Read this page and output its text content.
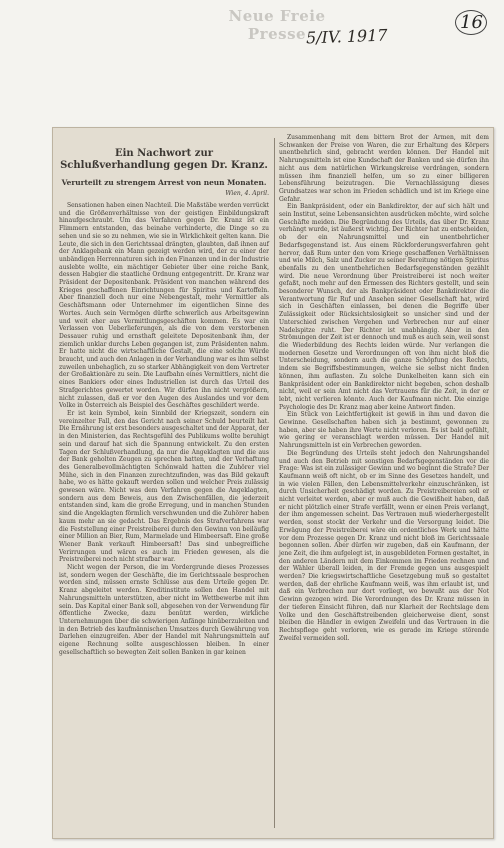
Neue Freie Presse 5/IV. 1917
16

Ein Nachwort zur Schlußverhandlung gegen Dr. Kranz.

Verurteilt zu strengem Arrest von neun Monaten.

Wien, 4. April.

Sensationen haben einen Nachteil. Die Maßstäbe werden verrückt und die Größenverhältnisse von der geistigen Einbildungskraft hinaufgeschraubt. Um das Verfahren gegen Dr. Kranz ist ein Flimmern entstanden, das beinahe verhinderte, die Dinge so zu sehen und sie so zu nehmen, wie sie in Wirklichkeit gelten kann. Die Leute, die sich in den Gerichtssaal drängten, glaubten, daß ihnen auf der Anklagebank ein Mann gezeigt werden wird, der zu einer der unbändigen Herrennaturen sich in den Finanzen und in der Industrie auslebte wollte, ein mächtiger Gebieter über eine reiche Bank, dessen Habgier die staatliche Ordnung entgegentritt. Dr. Kranz war Präsident der Depositenbank. Präsident von manchen während des Krieges geschaffenen Einrichtungen für Spiritus und Kartoffeln. Aber finanziell doch nur eine Nebengestalt, mehr Vermittler als Geschäftsmann oder Unternehmer im eigentlichen Sinne des Wortes. Auch sein Vermögen dürfte schwerlich aus Arbeitsgewinn und weit eher aus Vermittlungsgeschäften kommen. Es war ein Verlassen von Ueberlieferungen, als die von dem verstorbenen Dessauer ruhig und ernsthaft geleitete Depositenbank ihm, der ziemlich unklar durchs Leben gegangen ist, zum Präsidenten nahm. Er hatte nicht die wirtschaftliche Gestalt, die eine solche Würde braucht, und auch den Anlagen in der Verhandlung war es ihm selbst zuweilen unbehaglich, zu so starker Abhängigkeit von dem Vertreter der Großaktionäre zu sein. Die Laufbahn eines Vermittlers, nicht die eines Bankiers oder eines Industriellen ist durch das Urteil des Strafgerichtes gewertet worden. Wir dürfen ihn nicht vergrößern, nicht zulassen, daß er vor den Augen des Auslandes und vor dem Volke in Österreich als Beispiel des Geschäftes geschildert werde.

Er ist kein Symbol, kein Sinnbild der Kriegszeit, sondern ein vereinzelter Fall, den das Gericht nach seiner Schuld beurteilt hat. Die Ernährung ist erst besonders ausgeschaltet und der Apparat, der in den Ministerien, das Rechtsgefühl des Publikums wollte beruhigt sein und darauf hat sich die Spannung entwickelt. Zu den ersten Tagen der Schlußverhandlung, da nur die Angeklagten und die aus der Bank geholten Zeugen zu sprechen hatten, und der Verhaftung des Generalbevollmächtigten Schönwald hatten die Zuhörer viel Mühe, sich in den Finanzen zurechtzufinden, was das Bild gekauft habe, wo es hätte gekauft werden sollen und welcher Preis zulässig gewesen wäre. Nicht was dem Verfahren gegen die Angeklagten, sondern aus dem Beweis, aus den Zwischenfällen, die jederzeit entstanden sind, kam die große Erregung, und in manchen Stunden sind die Angeklagten förmlich verschwunden und die Zuhörer haben kaum mehr an sie gedacht. Das Ergebnis des Strafverfahrens war die Feststellung einer Preistreiberei durch den Gewinn von beiläufig einer Million an Bier, Rum, Marmelade und Himbeersaft. Eine große Wiener Bank verkauft Himbeersaft! Das sind unbegreifliche Verirrungen und wären es auch im Frieden gewesen, als die Preistreiberei noch nicht strafbar war.

Nicht wegen der Person, die im Vordergrunde dieses Prozesses ist, sondern wegen der Geschäfte, die im Gerichtssaale besprochen worden sind, müssen ernste Schlüsse aus dem Urteile gegen Dr. Kranz abgeleitet werden. Kreditinstitute sollen den Handel mit Nahrungsmitteln unterstützen, aber nicht im Wettbewerbe mit ihm sein. Das Kapital einer Bank soll, abgesehen von der Verwendung für öffentliche Zwecke, dazu benützt werden, wirkliche Unternehmungen über die schwierigen Anfänge hinüberzuleiten und in den Betrieb des kaufmännischen Umsatzes durch Gewährung von Darlehen einzugreifen. Aber der Handel mit Nahrungsmitteln auf eigene Rechnung sollte ausgeschlossen bleiben. In einer gesellschaftlich so bewegten Zeit sollen Banken in gar keinen

Zusammenhang mit dem bittern Brot der Armen, mit dem Schwanken der Preise von Waren, die zur Erhaltung des Körpers unentbehrlich sind, gebracht werden können. Der Handel mit Nahrungsmitteln ist eine Kundschaft der Banken und sie dürfen ihn nicht aus dem natürlichen Wirkungskreise verdrängen, sondern müssen ihm finanziell helfen, um so zu einer billigeren Lebensführung beizutragen. Die Vernachlässigung dieses Grundsatzes war schon im Frieden schädlich und ist im Kriege eine Gefahr.

Ein Bankpräsident, oder ein Bankdirektor, der auf sich hält und sein Institut, seine Lebensansichten ausdrücken möchte, wird solche Geschäfte meiden. Die Begründung des Urteils, das über Dr. Kranz verhängt wurde, ist äußerst wichtig. Der Richter hat zu entscheiden, ob der ein Nahrungsmittel und ein unentbehrlicher Bedarfsgegenstand ist. Aus einem Rückforderungsverfahren geht hervor, daß Rum unter den vom Kriege geschaffenen Verhältnissen und wie Milch, Salz und Zucker zu seiner Bereitung nötigen Spiritus ebenfalls zu den unentbehrlichen Bedarfsgegenständen gezählt wird. Die neue Verordnung über Preistreiberei ist noch weiter gefaßt, noch mehr auf den Ermessen des Richters gestellt, und sein besonderer Wunsch, der als Bankpräsident oder Bankdirektor die Verantwortung für Ruf und Ansehen seiner Gesellschaft hat, wird sich in Geschäften einlassen, bei denen die Begriffe über Zulässigkeit oder Rücksichtslosigkeit so unsicher sind und der Unterschied zwischen Vergehen und Verbrechen nur auf einer Nadelspitze ruht. Der Richter ist unabhängig. Aber in den Strömungen der Zeit ist er dennoch und muß es auch sein, weil sonst die Wiederbildung des Rechts leiden würde. Nur verlangen die modernen Gesetze und Verordnungen oft von ihm nicht bloß die Unterscheidung, sondern auch die ganze Schöpfung des Rechts, indem sie Begriffsbestimmungen, welche sie selbst nicht finden können, ihm auflasten. Zu solche Dunkelheiten kann sich ein Bankpräsident oder ein Bankdirektor nicht begeben, schon deshalb nicht, weil er sein Amt nicht das Vertrauens für die Zeit, in der er lebt, nicht verlieren könnte. Auch der Kaufmann nicht. Die einzige Psychologie des Dr. Kranz mag aber keine Antwort finden.

Ein Stück von Leichtfertigkeit ist gewiß in ihm und davon die Gewinne. Gesellschaften haben sich ja bestimmt, gewonnen zu haben, aber sie haben ihre Werte nicht verloren. Es ist bald gefühlt, wie gering er veranschlagt werden müssen. Der Handel mit Nahrungsmitteln ist ein Verbrechen geworden.

Die Begründung des Urteils steht jedoch den Nahrungshandel und auch den Betrieb mit sonstigen Bedarfsgegenständen vor die Frage: Was ist ein zulässiger Gewinn und wo beginnt die Strafe? Der Kaufmann weiß oft nicht, ob er im Sinne des Gesetzes handelt, und in wie vielen Fällen, den Lebensmittelverkehr einzuschränken, ist durch Unsicherheit geschädigt worden. Zu Preistreibereien soll er nicht verleitet werden, aber er muß auch die Gewißheit haben, daß er nicht plötzlich einer Strafe verfällt, wenn er einen Preis verlangt, der ihm angemessen scheint. Das Vertrauen muß wiederhergestellt werden, sonst stockt der Verkehr und die Versorgung leidet. Die Erwägung der Preistreiberei wäre ein ordentliches Werk und hätte vor dem Prozesse gegen Dr. Kranz und nicht bloß im Gerichtssaale begonnen sollen. Aber dürfen wir zugeben, daß ein Kaufmann, der jene Zeit, die ihm aufgelegt ist, in ausgebildeten Formen gestaltet, in den anderen Ländern mit dem Einkommen im Frieden rechnen und der Wähler überall leiden, in der Fremde gegen uns ausgespielt werden? Die kriegswirtschaftliche Gesetzgebung muß so gestaltet werden, daß der ehrliche Kaufmann weiß, was ihm erlaubt ist, und daß ein Verbrechen nur dort vorliegt, wo bewußt aus der Not Gewinn gezogen wird. Die Verordnungen des Dr. Kranz müssen in der tieferen Einsicht führen, daß nur Klarheit der Rechtslage dem Volke und den Geschäftstreibenden gleicherweise dient, sonst bleiben die Händler in ewigen Zweifeln und das Vertrauen in die Rechtspflege geht verloren, wie es gerade im Kriege störende Zweifel vermeiden soll.
